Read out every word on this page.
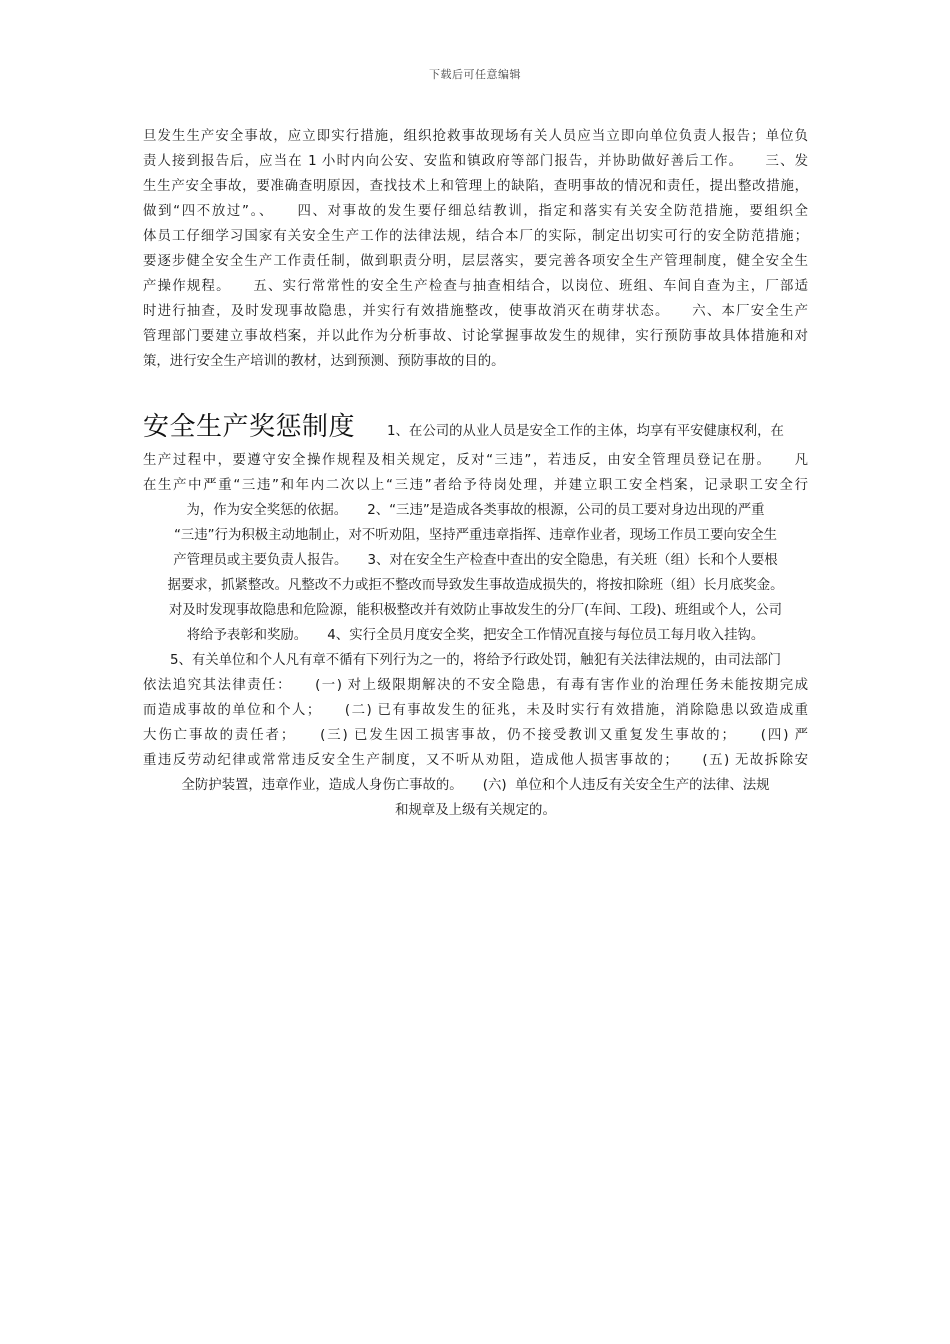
下载后可任意编辑
旦发生生产安全事故，应立即实行措施，组织抢救事故现场有关人员应当立即向单位负责人报告；单位负
责人接到报告后，应当在 1 小时内向公安、安监和镇政府等部门报告，并协助做好善后工作。　　三、发
生生产安全事故，要准确查明原因，查找技术上和管理上的缺陷，查明事故的情况和责任，提出整改措施，
做到“四不放过”。、　　四、对事故的发生要仔细总结教训，指定和落实有关安全防范措施，要组织全
体员工仔细学习国家有关安全生产工作的法律法规，结合本厂的实际，制定出切实可行的安全防范措施；
要逐步健全安全生产工作责任制，做到职责分明，层层落实，要完善各项安全生产管理制度，健全安全生
产操作规程。　　五、实行常常性的安全生产检查与抽查相结合，以岗位、班组、车间自查为主，厂部适
时进行抽查，及时发现事故隐患，并实行有效措施整改，使事故消灭在萌芽状态。　　六、本厂安全生产
管理部门要建立事故档案，并以此作为分析事故、讨论掌握事故发生的规律，实行预防事故具体措施和对
策，进行安全生产培训的教材，达到预测、预防事故的目的。
安全生产奖惩制度 1、在公司的从业人员是安全工作的主体，均享有平安健康权利，在
生产过程中，要遵守安全操作规程及相关规定，反对“三违”，若违反，由安全管理员登记在册。　　凡
在生产中严重“三违”和年内二次以上“三违”者给予待岗处理，并建立职工安全档案，记录职工安全行
为，作为安全奖惩的依据。　　2、“三违”是造成各类事故的根源，公司的员工要对身边出现的严重
“三违”行为积极主动地制止，对不听劝阻，坚持严重违章指挥、违章作业者，现场工作员工要向安全生
产管理员或主要负责人报告。　　3、对在安全生产检查中查出的安全隐患，有关班（组）长和个人要根
据要求，抓紧整改。凡整改不力或拒不整改而导致发生事故造成损失的，将按扣除班（组）长月底奖金。
对及时发现事故隐患和危险源，能积极整改并有效防止事故发生的分厂(车间、工段)、班组或个人，公司
将给予表彰和奖励。　　4、实行全员月度安全奖，把安全工作情况直接与每位员工每月收入挂钩。
5、有关单位和个人凡有章不循有下列行为之一的，将给予行政处罚，触犯有关法律法规的，由司法部门
依法追究其法律责任：　　(一) 对上级限期解决的不安全隐患，有毒有害作业的治理任务未能按期完成
而造成事故的单位和个人；　　(二) 已有事故发生的征兆，未及时实行有效措施，消除隐患以致造成重
大伤亡事故的责任者；　　(三) 已发生因工损害事故，仍不接受教训又重复发生事故的；　　(四) 严
重违反劳动纪律或常常违反安全生产制度，又不听从劝阻，造成他人损害事故的；　　(五) 无故拆除安
全防护装置，违章作业，造成人身伤亡事故的。　　(六)  单位和个人违反有关安全生产的法律、法规
和规章及上级有关规定的。
